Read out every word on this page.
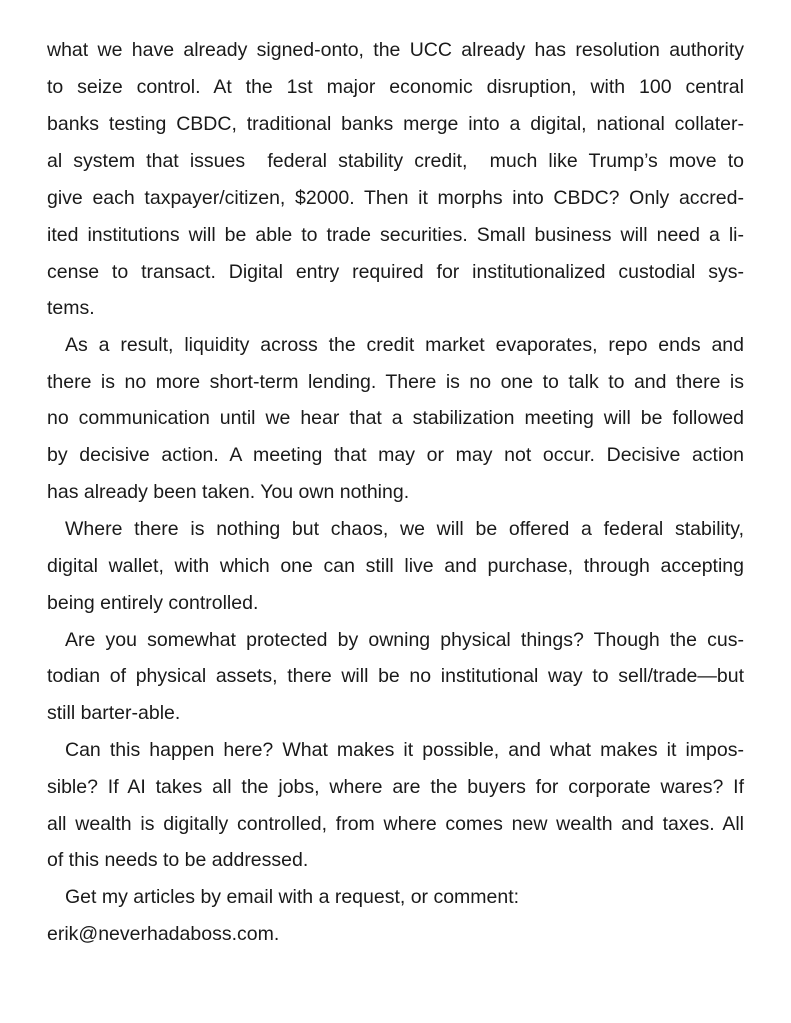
what we have already signed-onto, the UCC already has resolution authority
to seize control. At the 1st major economic disruption, with 100 central
banks testing CBDC, traditional banks merge into a digital, national collater-
al system that issues  federal stability credit,  much like Trump’s move to
give each taxpayer/citizen, $2000. Then it morphs into CBDC? Only accred-
ited institutions will be able to trade securities. Small business will need a li-
cense to transact. Digital entry required for institutionalized custodial sys-
tems.
As a result, liquidity across the credit market evaporates, repo ends and
there is no more short-term lending. There is no one to talk to and there is
no communication until we hear that a stabilization meeting will be followed
by decisive action. A meeting that may or may not occur. Decisive action
has already been taken. You own nothing.
Where there is nothing but chaos, we will be offered a federal stability,
digital wallet, with which one can still live and purchase, through accepting
being entirely controlled.
Are you somewhat protected by owning physical things? Though the cus-
todian of physical assets, there will be no institutional way to sell/trade—but
still barter-able.
Can this happen here? What makes it possible, and what makes it impos-
sible? If AI takes all the jobs, where are the buyers for corporate wares? If
all wealth is digitally controlled, from where comes new wealth and taxes. All
of this needs to be addressed.
Get my articles by email with a request, or comment:
erik@neverhadaboss.com.
